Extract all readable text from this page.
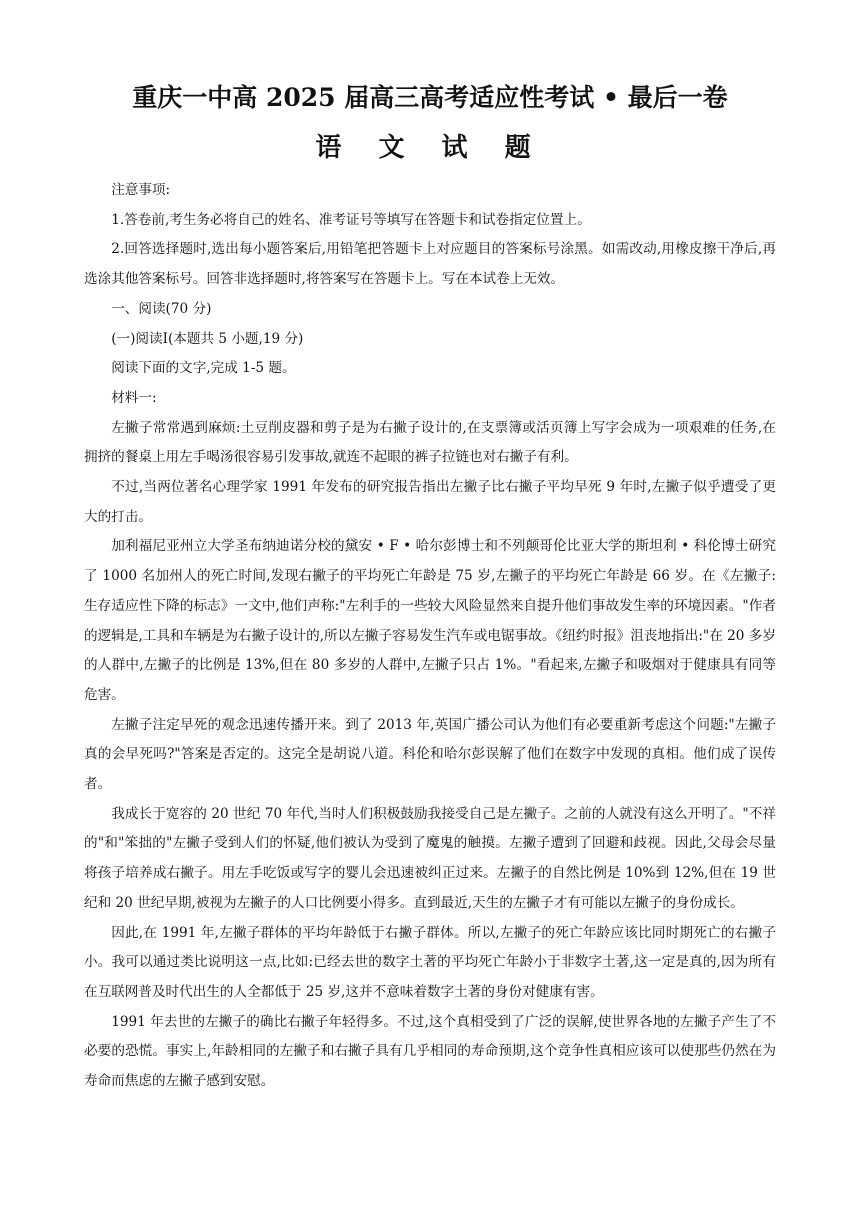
重庆一中高 2025 届高三高考适应性考试 • 最后一卷
语 文 试 题

注意事项:

1.答卷前,考生务必将自己的姓名、准考证号等填写在答题卡和试卷指定位置上。

2.回答选择题时,选出每小题答案后,用铅笔把答题卡上对应题目的答案标号涂黑。如需改动,用橡皮擦干净后,再选涂其他答案标号。回答非选择题时,将答案写在答题卡上。写在本试卷上无效。

一、阅读(70 分)

(一)阅读Ⅰ(本题共 5 小题,19 分)

阅读下面的文字,完成 1-5 题。

材料一:

左撇子常常遇到麻烦:土豆削皮器和剪子是为右撇子设计的,在支票簿或活页簿上写字会成为一项艰难的任务,在拥挤的餐桌上用左手喝汤很容易引发事故,就连不起眼的裤子拉链也对右撇子有利。

不过,当两位著名心理学家 1991 年发布的研究报告指出左撇子比右撇子平均早死 9 年时,左撇子似乎遭受了更大的打击。

加利福尼亚州立大学圣布纳迪诺分校的黛安 • F • 哈尔彭博士和不列颠哥伦比亚大学的斯坦利 • 科伦博士研究了 1000 名加州人的死亡时间,发现右撇子的平均死亡年龄是 75 岁,左撇子的平均死亡年龄是 66 岁。在《左撇子:生存适应性下降的标志》一文中,他们声称:"左利手的一些较大风险显然来自提升他们事故发生率的环境因素。"作者的逻辑是,工具和车辆是为右撇子设计的,所以左撇子容易发生汽车或电锯事故。《纽约时报》沮丧地指出:"在 20 多岁的人群中,左撇子的比例是 13%,但在 80 多岁的人群中,左撇子只占 1%。"看起来,左撇子和吸烟对于健康具有同等危害。

左撇子注定早死的观念迅速传播开来。到了 2013 年,英国广播公司认为他们有必要重新考虑这个问题:"左撇子真的会早死吗?"答案是否定的。这完全是胡说八道。科伦和哈尔彭误解了他们在数字中发现的真相。他们成了误传者。

我成长于宽容的 20 世纪 70 年代,当时人们积极鼓励我接受自己是左撇子。之前的人就没有这么开明了。"不祥的"和"笨拙的"左撇子受到人们的怀疑,他们被认为受到了魔鬼的触摸。左撇子遭到了回避和歧视。因此,父母会尽量将孩子培养成右撇子。用左手吃饭或写字的婴儿会迅速被纠正过来。左撇子的自然比例是 10%到 12%,但在 19 世纪和 20 世纪早期,被视为左撇子的人口比例要小得多。直到最近,天生的左撇子才有可能以左撇子的身份成长。

因此,在 1991 年,左撇子群体的平均年龄低于右撇子群体。所以,左撇子的死亡年龄应该比同时期死亡的右撇子小。我可以通过类比说明这一点,比如:已经去世的数字土著的平均死亡年龄小于非数字土著,这一定是真的,因为所有在互联网普及时代出生的人全都低于 25 岁,这并不意味着数字土著的身份对健康有害。

1991 年去世的左撇子的确比右撇子年轻得多。不过,这个真相受到了广泛的误解,使世界各地的左撇子产生了不必要的恐慌。事实上,年龄相同的左撇子和右撇子具有几乎相同的寿命预期,这个竞争性真相应该可以使那些仍然在为寿命而焦虑的左撇子感到安慰。
